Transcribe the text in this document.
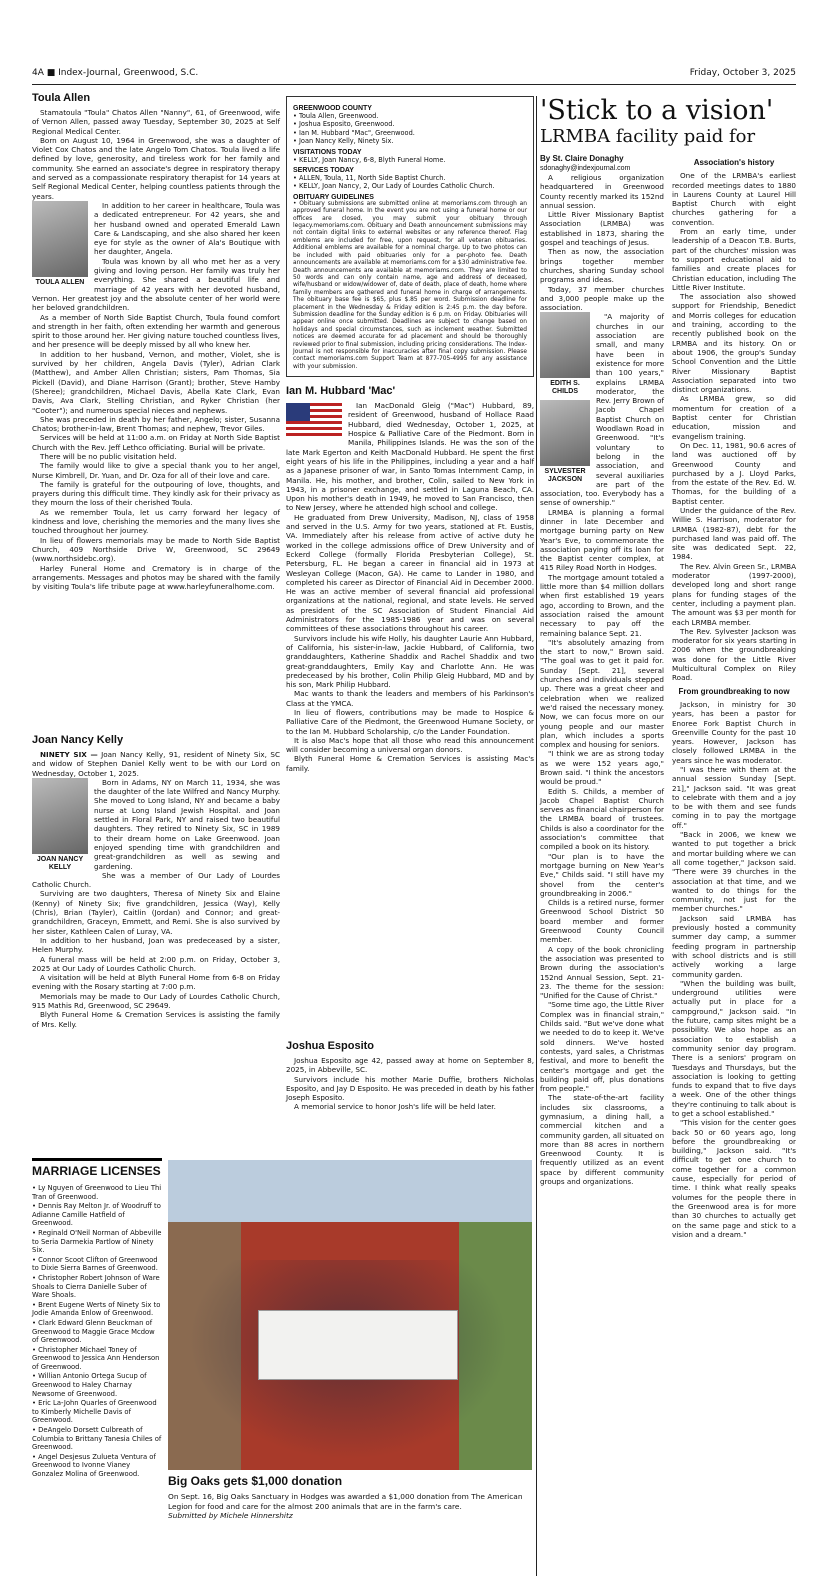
4A ■ Index-Journal, Greenwood, S.C.	Friday, October 3, 2025
Toula Allen

Stamatoula "Toula" Chatos Allen "Nanny", 61, of Greenwood, wife of Vernon Allen, passed away Tuesday, September 30, 2025 at Self Regional Medical Center.

Born on August 10, 1964 in Greenwood, she was a daughter of Violet Cox Chatos and the late Angelo Tom Chatos. Toula lived a life defined by love, generosity, and tireless work for her family and community. She earned an associate's degree in respiratory therapy and served as a compassionate respiratory therapist for 14 years at Self Regional Medical Center, helping countless patients through the years.

TOULA ALLEN

In addition to her career in healthcare, Toula was a dedicated entrepreneur. For 42 years, she and her husband owned and operated Emerald Lawn Care & Landscaping, and she also shared her keen eye for style as the owner of Ala's Boutique with her daughter, Angela.

Toula was known by all who met her as a very giving and loving person. Her family was truly her everything. She shared a beautiful life and marriage of 42 years with her devoted husband, Vernon. Her greatest joy and the absolute center of her world were her beloved grandchildren.

As a member of North Side Baptist Church, Toula found comfort and strength in her faith, often extending her warmth and generous spirit to those around her. Her giving nature touched countless lives, and her presence will be deeply missed by all who knew her.

In addition to her husband, Vernon, and mother, Violet, she is survived by her children, Angela Davis (Tyler), Adrian Clark (Matthew), and Amber Allen Christian; sisters, Pam Thomas, Sia Pickell (David), and Diane Harrison (Grant); brother, Steve Hamby (Sheree); grandchildren, Michael Davis, Abella Kate Clark, Evan Davis, Ava Clark, Stelling Christian, and Ryker Christian (her "Cooter"); and numerous special nieces and nephews.

She was preceded in death by her father, Angelo; sister, Susanna Chatos; brother-in-law, Brent Thomas; and nephew, Trevor Giles.

Services will be held at 11:00 a.m. on Friday at North Side Baptist Church with the Rev. Jeff Lethco officiating. Burial will be private.

There will be no public visitation held.

The family would like to give a special thank you to her angel, Nurse Kimbrell, Dr. Yuan, and Dr. Oza for all of their love and care.

The family is grateful for the outpouring of love, thoughts, and prayers during this difficult time. They kindly ask for their privacy as they mourn the loss of their cherished Toula.

As we remember Toula, let us carry forward her legacy of kindness and love, cherishing the memories and the many lives she touched throughout her journey.

In lieu of flowers memorials may be made to North Side Baptist Church, 409 Northside Drive W, Greenwood, SC 29649 (www.northsidebc.org).

Harley Funeral Home and Crematory is in charge of the arrangements. Messages and photos may be shared with the family by visiting Toula's life tribute page at www.harleyfuneralhome.com.

Joan Nancy Kelly

NINETY SIX — Joan Nancy Kelly, 91, resident of Ninety Six, SC and widow of Stephen Daniel Kelly went to be with our Lord on Wednesday, October 1, 2025.

JOAN NANCY KELLY

Born in Adams, NY on March 11, 1934, she was the daughter of the late Wilfred and Nancy Murphy. She moved to Long Island, NY and became a baby nurse at Long Island Jewish Hospital. and Joan settled in Floral Park, NY and raised two beautiful daughters. They retired to Ninety Six, SC in 1989 to their dream home on Lake Greenwood. Joan enjoyed spending time with grandchildren and great-grandchildren as well as sewing and gardening.

She was a member of Our Lady of Lourdes Catholic Church.

Surviving are two daughters, Theresa of Ninety Six and Elaine (Kenny) of Ninety Six; five grandchildren, Jessica (Way), Kelly (Chris), Brian (Tayler), Caitlin (Jordan) and Connor; and great-grandchildren, Graceyn, Emmett, and Remi. She is also survived by her sister, Kathleen Calen of Luray, VA.

In addition to her husband, Joan was predeceased by a sister, Helen Murphy.

A funeral mass will be held at 2:00 p.m. on Friday, October 3, 2025 at Our Lady of Lourdes Catholic Church.

A visitation will be held at Blyth Funeral Home from 6-8 on Friday evening with the Rosary starting at 7:00 p.m.

Memorials may be made to Our Lady of Lourdes Catholic Church, 915 Mathis Rd, Greenwood, SC 29649.

Blyth Funeral Home & Cremation Services is assisting the family of Mrs. Kelly.

GREENWOOD COUNTY
• Toula Allen, Greenwood.
• Joshua Esposito, Greenwood.
• Ian M. Hubbard "Mac", Greenwood.
• Joan Nancy Kelly, Ninety Six.
VISITATIONS TODAY
• KELLY, Joan Nancy, 6-8, Blyth Funeral Home.
SERVICES TODAY
• ALLEN, Toula, 11, North Side Baptist Church.
• KELLY, Joan Nancy, 2, Our Lady of Lourdes Catholic Church.
OBITUARY GUIDELINES
• Obituary submissions are submitted online at memoriams.com through an approved funeral home. In the event you are not using a funeral home or our offices are closed, you may submit your obituary through legacy.memoriams.com. Obituary and Death announcement submissions may not contain digital links to external websites or any reference thereof. Flag emblems are included for free, upon request, for all veteran obituaries. Additional emblems are available for a nominal charge. Up to two photos can be included with paid obituaries only for a per-photo fee. Death announcements are available at memoriams.com for a $30 administrative fee. Death announcements are available at memoriams.com. They are limited to 50 words and can only contain name, age and address of deceased, wife/husband or widow/widower of, date of death, place of death, home where family members are gathered and funeral home in charge of arrangements. The obituary base fee is $65, plus $.85 per word. Submission deadline for placement in the Wednesday & Friday edition is 2:45 p.m. the day before. Submission deadline for the Sunday edition is 6 p.m. on Friday. Obituaries will appear online once submitted. Deadlines are subject to change based on holidays and special circumstances, such as inclement weather. Submitted notices are deemed accurate for ad placement and should be thoroughly reviewed prior to final submission, including pricing considerations. The Index-Journal is not responsible for inaccuracies after final copy submission. Please contact memoriams.com Support Team at 877-705-4995 for any assistance with your submission.
Ian M. Hubbard 'Mac'

Ian MacDonald Gleig ("Mac") Hubbard, 89, resident of Greenwood, husband of Hollace Raad Hubbard, died Wednesday, October 1, 2025, at Hospice & Palliative Care of the Piedmont. Born in Manila, Philippines Islands. He was the son of the late Mark Egerton and Keith MacDonald Hubbard. He spent the first eight years of his life in the Philippines, including a year and a half as a Japanese prisoner of war, in Santo Tomas Internment Camp, in Manila. He, his mother, and brother, Colin, sailed to New York in 1943, in a prisoner exchange, and settled in Laguna Beach, CA. Upon his mother's death in 1949, he moved to San Francisco, then to New Jersey, where he attended high school and college.

He graduated from Drew University, Madison, NJ, class of 1958 and served in the U.S. Army for two years, stationed at Ft. Eustis, VA. Immediately after his release from active of active duty he worked in the college admissions office of Drew University and of Eckerd College (formally Florida Presbyterian College), St. Petersburg, FL. He began a career in financial aid in 1973 at Wesleyan College (Macon, GA). He came to Lander in 1980, and completed his career as Director of Financial Aid in December 2000. He was an active member of several financial aid professional organizations at the national, regional, and state levels. He served as president of the SC Association of Student Financial Aid Administrators for the 1985-1986 year and was on several committees of these associations throughout his career.

Survivors include his wife Holly, his daughter Laurie Ann Hubbard, of California, his sister-in-law, Jackie Hubbard, of California, two granddaughters, Katherine Shaddix and Rachel Shaddix and two great-granddaughters, Emily Kay and Charlotte Ann. He was predeceased by his brother, Colin Philip Gleig Hubbard, MD and by his son, Mark Philip Hubbard.

Mac wants to thank the leaders and members of his Parkinson's Class at the YMCA.

In lieu of flowers, contributions may be made to Hospice & Palliative Care of the Piedmont, the Greenwood Humane Society, or to the Ian M. Hubbard Scholarship, c/o the Lander Foundation.

It is also Mac's hope that all those who read this announcement will consider becoming a universal organ donors.

Blyth Funeral Home & Cremation Services is assisting Mac's family.

Joshua Esposito

Joshua Esposito age 42, passed away at home on September 8, 2025, in Abbeville, SC.

Survivors include his mother Marie Duffie, brothers Nicholas Esposito, and Jay D Esposito. He was preceded in death by his father Joseph Esposito.

A memorial service to honor Josh's life will be held later.

'Stick to a vision'
LRMBA facility paid for
By St. Claire Donaghy
sdonaghy@indexjournal.com

A religious organization headquartered in Greenwood County recently marked its 152nd annual session.

Little River Missionary Baptist Association (LRMBA) was established in 1873, sharing the gospel and teachings of Jesus.

Then as now, the association brings together member churches, sharing Sunday school programs and ideas.

Today, 37 member churches and 3,000 people make up the association.

EDITH S. CHILDS
SYLVESTER JACKSON

"A majority of churches in our association are small, and many have been in existence for more than 100 years," explains LRMBA moderator, the Rev. Jerry Brown of Jacob Chapel Baptist Church on Woodlawn Road in Greenwood. "It's voluntary to belong in the association, and several auxiliaries are part of the association, too. Everybody has a sense of ownership."

LRMBA is planning a formal dinner in late December and mortgage burning party on New Year's Eve, to commemorate the association paying off its loan for the Baptist center complex, at 415 Riley Road North in Hodges.

The mortgage amount totaled a little more than $4 million dollars when first established 19 years ago, according to Brown, and the association raised the amount necessary to pay off the remaining balance Sept. 21.

"It's absolutely amazing from the start to now," Brown said. "The goal was to get it paid for. Sunday [Sept. 21], several churches and individuals stepped up. There was a great cheer and celebration when we realized we'd raised the necessary money. Now, we can focus more on our young people and our master plan, which includes a sports complex and housing for seniors.

"I think we are as strong today as we were 152 years ago," Brown said. "I think the ancestors would be proud."

Edith S. Childs, a member of Jacob Chapel Baptist Church serves as financial chairperson for the LRMBA board of trustees. Childs is also a coordinator for the association's committee that compiled a book on its history.

"Our plan is to have the mortgage burning on New Year's Eve," Childs said. "I still have my shovel from the center's groundbreaking in 2006."

Childs is a retired nurse, former Greenwood School District 50 board member and former Greenwood County Council member.

A copy of the book chronicling the association was presented to Brown during the association's 152nd Annual Session, Sept. 21-23. The theme for the session: "Unified for the Cause of Christ."

"Some time ago, the Little River Complex was in financial strain," Childs said. "But we've done what we needed to do to keep it. We've sold dinners. We've hosted contests, yard sales, a Christmas festival, and more to benefit the center's mortgage and get the building paid off, plus donations from people."

The state-of-the-art facility includes six classrooms, a gymnasium, a dining hall, a commercial kitchen and a community garden, all situated on more than 88 acres in northern Greenwood County. It is frequently utilized as an event space by different community groups and organizations.

Association's history

One of the LRMBA's earliest recorded meetings dates to 1880 in Laurens County at Laurel Hill Baptist Church with eight churches gathering for a convention.

From an early time, under leadership of a Deacon T.B. Burts, part of the churches' mission was to support educational aid to families and create places for Christian education, including The Little River Institute.

The association also showed support for Friendship, Benedict and Morris colleges for education and training, according to the recently published book on the LRMBA and its history. On or about 1906, the group's Sunday School Convention and the Little River Missionary Baptist Association separated into two distinct organizations.

As LRMBA grew, so did momentum for creation of a Baptist center for Christian education, mission and evangelism training.

On Dec. 11, 1981, 90.6 acres of land was auctioned off by Greenwood County and purchased by a J. Lloyd Parks, from the estate of the Rev. Ed. W. Thomas, for the building of a Baptist center.

Under the guidance of the Rev. Willie S. Harrison, moderator for LRMBA (1982-87), debt for the purchased land was paid off. The site was dedicated Sept. 22, 1984.

The Rev. Alvin Green Sr., LRMBA moderator (1997-2000), developed long and short range plans for funding stages of the center, including a payment plan. The amount was $3 per month for each LRMBA member.

The Rev. Sylvester Jackson was moderator for six years starting in 2006 when the groundbreaking was done for the Little River Multicultural Complex on Riley Road.

From groundbreaking to now

Jackson, in ministry for 30 years, has been a pastor for Enoree Fork Baptist Church in Greenville County for the past 10 years. However, Jackson has closely followed LRMBA in the years since he was moderator.

"I was there with them at the annual session Sunday [Sept. 21]," Jackson said. "It was great to celebrate with them and a joy to be with them and see funds coming in to pay the mortgage off."

"Back in 2006, we knew we wanted to put together a brick and mortar building where we can all come together," Jackson said. "There were 39 churches in the association at that time, and we wanted to do things for the community, not just for the member churches."

Jackson said LRMBA has previously hosted a community summer day camp, a summer feeding program in partnership with school districts and is still actively working a large community garden.

"When the building was built, underground utilities were actually put in place for a campground," Jackson said. "In the future, camp sites might be a possibility. We also hope as an association to establish a community senior day program. There is a seniors' program on Tuesdays and Thursdays, but the association is looking to getting funds to expand that to five days a week. One of the other things they're continuing to talk about is to get a school established."

"This vision for the center goes back 50 or 60 years ago, long before the groundbreaking or building," Jackson said. "It's difficult to get one church to come together for a common cause, especially for period of time. I think what really speaks volumes for the people there in the Greenwood area is for more than 30 churches to actually get on the same page and stick to a vision and a dream."

MARRIAGE LICENSES
• Ly Nguyen of Greenwood to Lieu Thi Tran of Greenwood.
• Dennis Ray Melton Jr. of Woodruff to Adianne Camille Hatfield of Greenwood.
• Reginald O'Neil Norman of Abbeville to Seria Darmekia Partlow of Ninety Six.
• Connor Scoot Clifton of Greenwood to Dixie Sierra Barnes of Greenwood.
• Christopher Robert Johnson of Ware Shoals to Cierra Danielle Suber of Ware Shoals.
• Brent Eugene Werts of Ninety Six to Jodie Amanda Enlow of Greenwood.
• Clark Edward Glenn Beuckman of Greenwood to Maggie Grace Mcdow of Greenwood.
• Christopher Michael Toney of Greenwood to Jessica Ann Henderson of Greenwood.
• Willian Antonio Ortega Sucup of Greenwood to Haley Charnay Newsome of Greenwood.
• Eric La-John Quarles of Greenwood to Kimberly Michelle Davis of Greenwood.
• DeAngelo Dorsett Culbreath of Columbia to Brittany Tanesia Chiles of Greenwood.
• Angel Desjesus Zulueta Ventura of Greenwood to Ivonne Vianey Gonzalez Molina of Greenwood.	Big Oaks gets $1,000 donation
On Sept. 16, Big Oaks Sanctuary in Hodges was awarded a $1,000 donation from The American Legion for food and care for the almost 200 animals that are in the farm's care.
Submitted by Michele Hinnershitz
